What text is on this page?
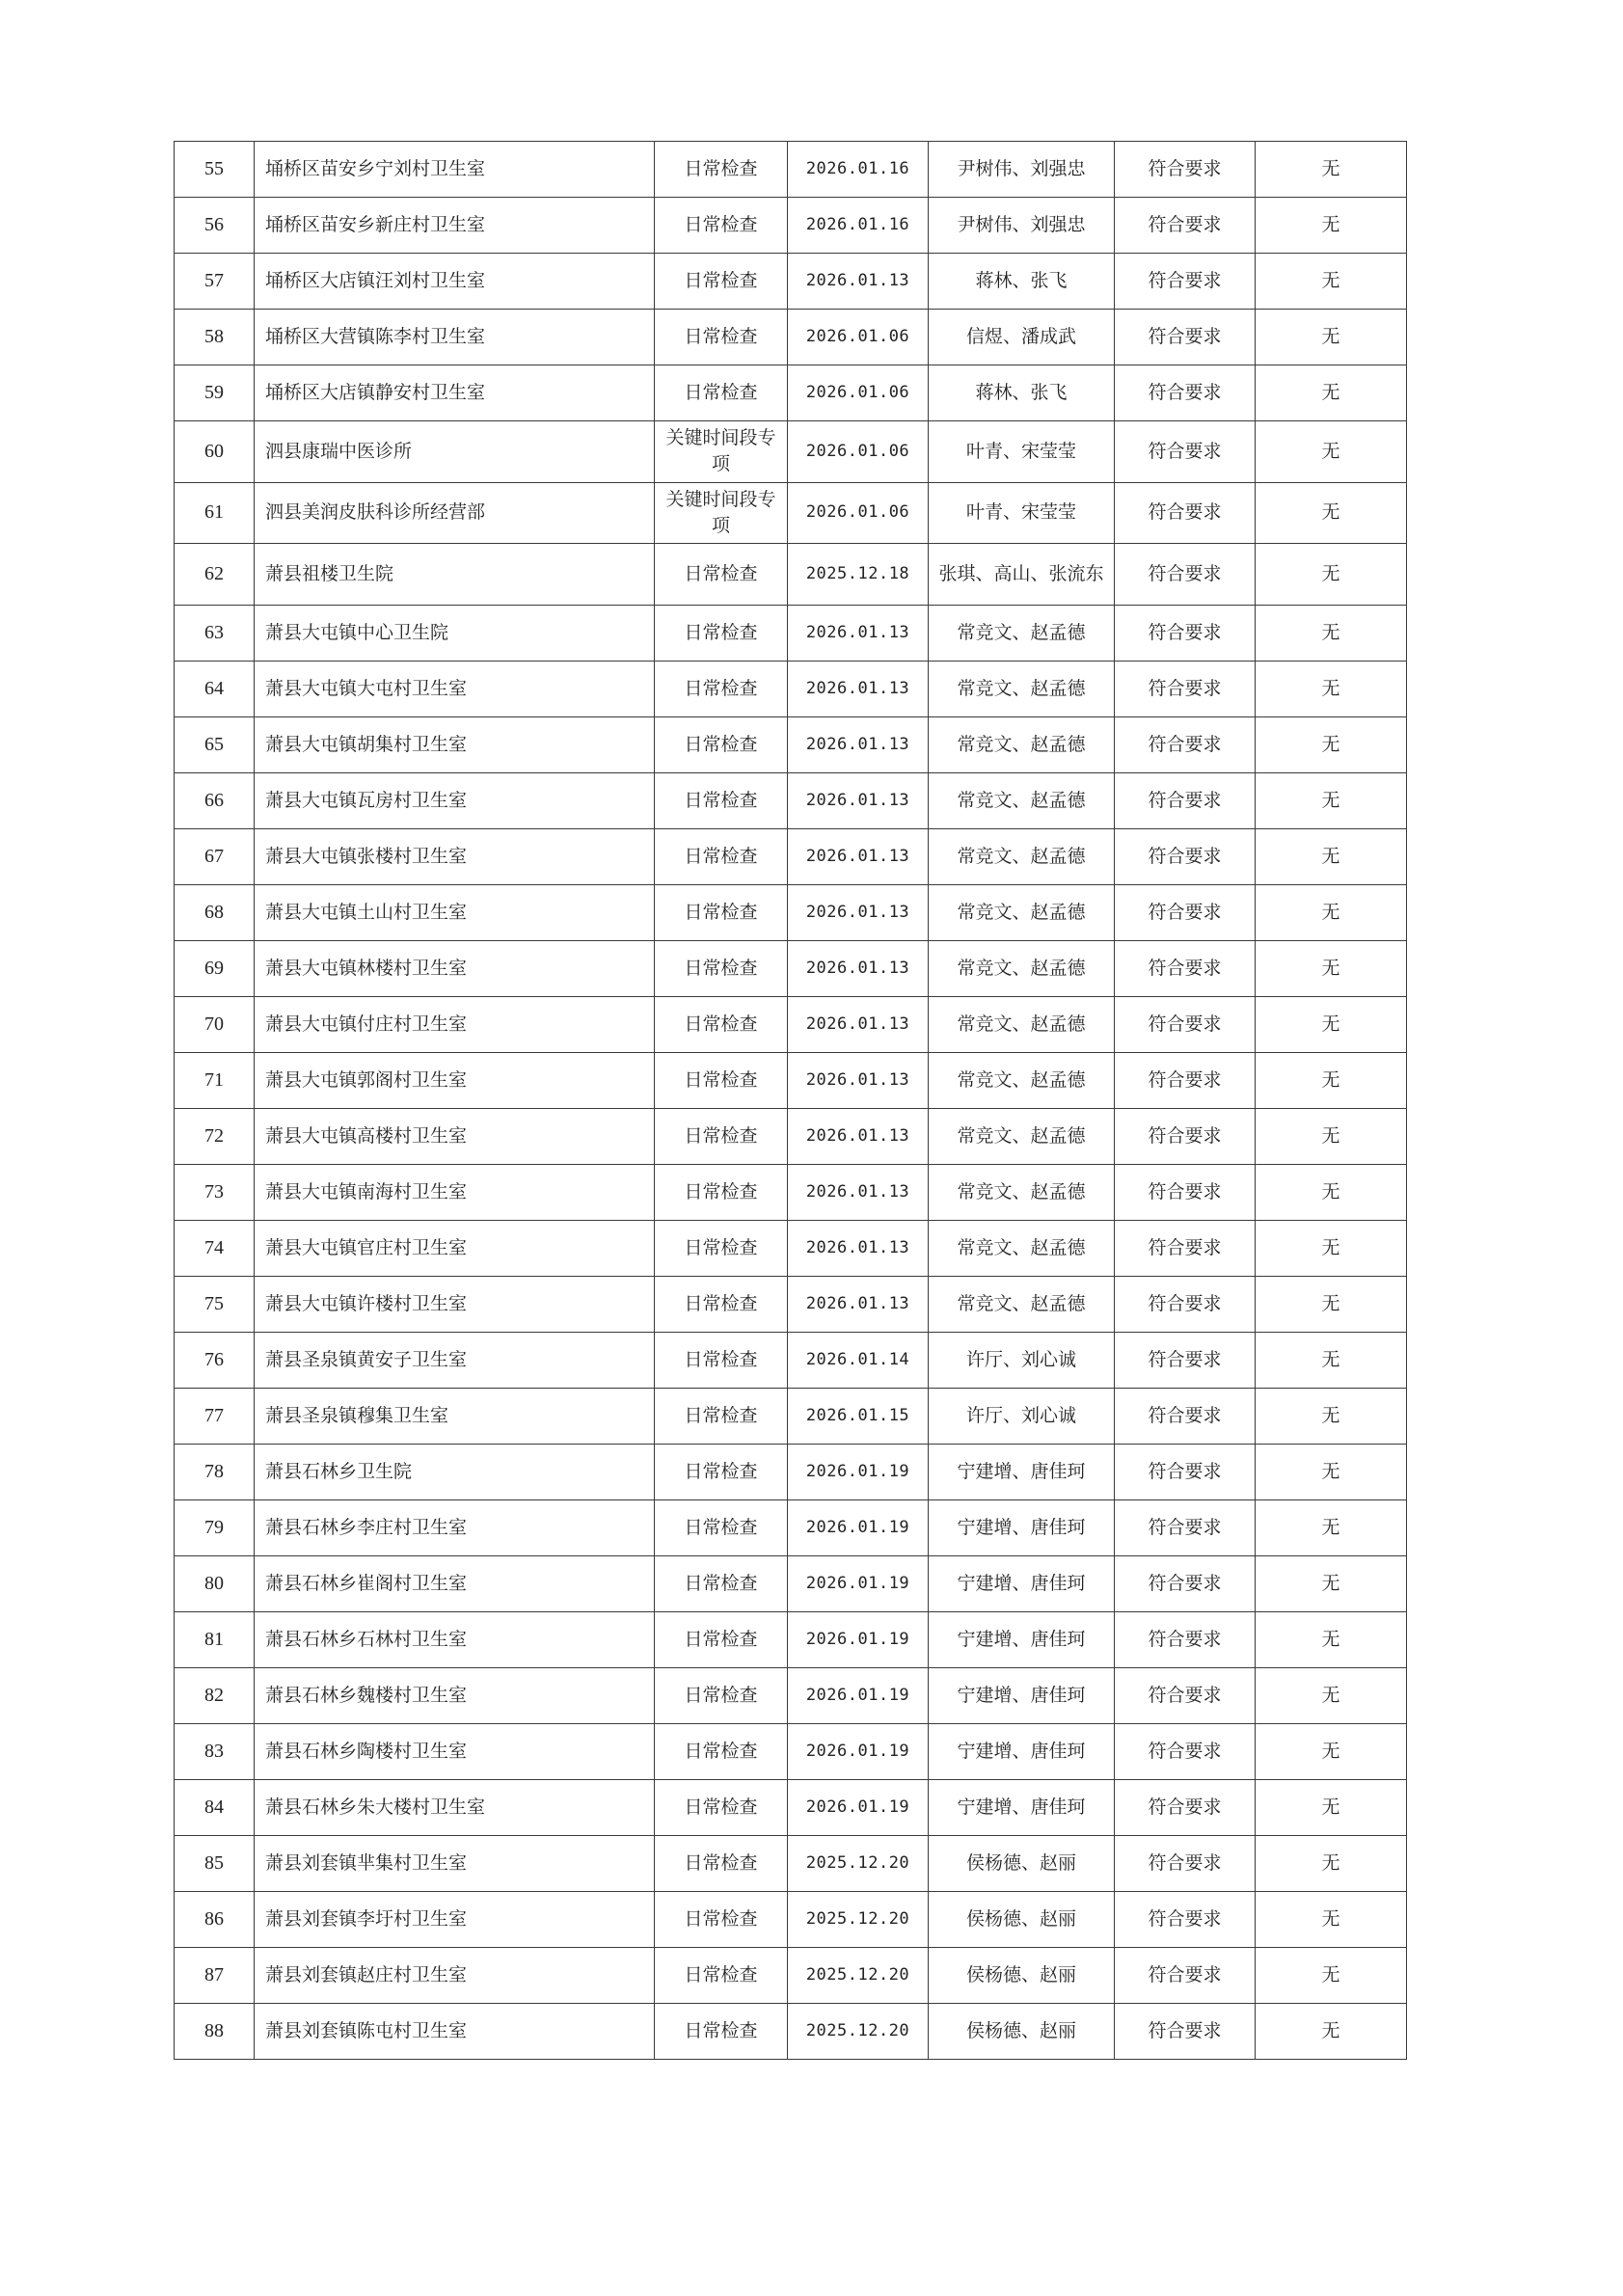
55	埇桥区苗安乡宁刘村卫生室	日常检查	2026.01.16	尹树伟、刘强忠	符合要求	无
56	埇桥区苗安乡新庄村卫生室	日常检查	2026.01.16	尹树伟、刘强忠	符合要求	无
57	埇桥区大店镇汪刘村卫生室	日常检查	2026.01.13	蒋林、张飞	符合要求	无
58	埇桥区大营镇陈李村卫生室	日常检查	2026.01.06	信煜、潘成武	符合要求	无
59	埇桥区大店镇静安村卫生室	日常检查	2026.01.06	蒋林、张飞	符合要求	无
60	泗县康瑞中医诊所	关键时间段专项	2026.01.06	叶青、宋莹莹	符合要求	无
61	泗县美润皮肤科诊所经营部	关键时间段专项	2026.01.06	叶青、宋莹莹	符合要求	无
62	萧县祖楼卫生院	日常检查	2025.12.18	张琪、高山、张流东	符合要求	无
63	萧县大屯镇中心卫生院	日常检查	2026.01.13	常竞文、赵孟德	符合要求	无
64	萧县大屯镇大屯村卫生室	日常检查	2026.01.13	常竞文、赵孟德	符合要求	无
65	萧县大屯镇胡集村卫生室	日常检查	2026.01.13	常竞文、赵孟德	符合要求	无
66	萧县大屯镇瓦房村卫生室	日常检查	2026.01.13	常竞文、赵孟德	符合要求	无
67	萧县大屯镇张楼村卫生室	日常检查	2026.01.13	常竞文、赵孟德	符合要求	无
68	萧县大屯镇土山村卫生室	日常检查	2026.01.13	常竞文、赵孟德	符合要求	无
69	萧县大屯镇林楼村卫生室	日常检查	2026.01.13	常竞文、赵孟德	符合要求	无
70	萧县大屯镇付庄村卫生室	日常检查	2026.01.13	常竞文、赵孟德	符合要求	无
71	萧县大屯镇郭阁村卫生室	日常检查	2026.01.13	常竞文、赵孟德	符合要求	无
72	萧县大屯镇高楼村卫生室	日常检查	2026.01.13	常竞文、赵孟德	符合要求	无
73	萧县大屯镇南海村卫生室	日常检查	2026.01.13	常竞文、赵孟德	符合要求	无
74	萧县大屯镇官庄村卫生室	日常检查	2026.01.13	常竞文、赵孟德	符合要求	无
75	萧县大屯镇许楼村卫生室	日常检查	2026.01.13	常竞文、赵孟德	符合要求	无
76	萧县圣泉镇黄安子卫生室	日常检查	2026.01.14	许厅、刘心诚	符合要求	无
77	萧县圣泉镇穆集卫生室	日常检查	2026.01.15	许厅、刘心诚	符合要求	无
78	萧县石林乡卫生院	日常检查	2026.01.19	宁建增、唐佳珂	符合要求	无
79	萧县石林乡李庄村卫生室	日常检查	2026.01.19	宁建增、唐佳珂	符合要求	无
80	萧县石林乡崔阁村卫生室	日常检查	2026.01.19	宁建增、唐佳珂	符合要求	无
81	萧县石林乡石林村卫生室	日常检查	2026.01.19	宁建增、唐佳珂	符合要求	无
82	萧县石林乡魏楼村卫生室	日常检查	2026.01.19	宁建增、唐佳珂	符合要求	无
83	萧县石林乡陶楼村卫生室	日常检查	2026.01.19	宁建增、唐佳珂	符合要求	无
84	萧县石林乡朱大楼村卫生室	日常检查	2026.01.19	宁建增、唐佳珂	符合要求	无
85	萧县刘套镇芈集村卫生室	日常检查	2025.12.20	侯杨德、赵丽	符合要求	无
86	萧县刘套镇李圩村卫生室	日常检查	2025.12.20	侯杨德、赵丽	符合要求	无
87	萧县刘套镇赵庄村卫生室	日常检查	2025.12.20	侯杨德、赵丽	符合要求	无
88	萧县刘套镇陈屯村卫生室	日常检查	2025.12.20	侯杨德、赵丽	符合要求	无
